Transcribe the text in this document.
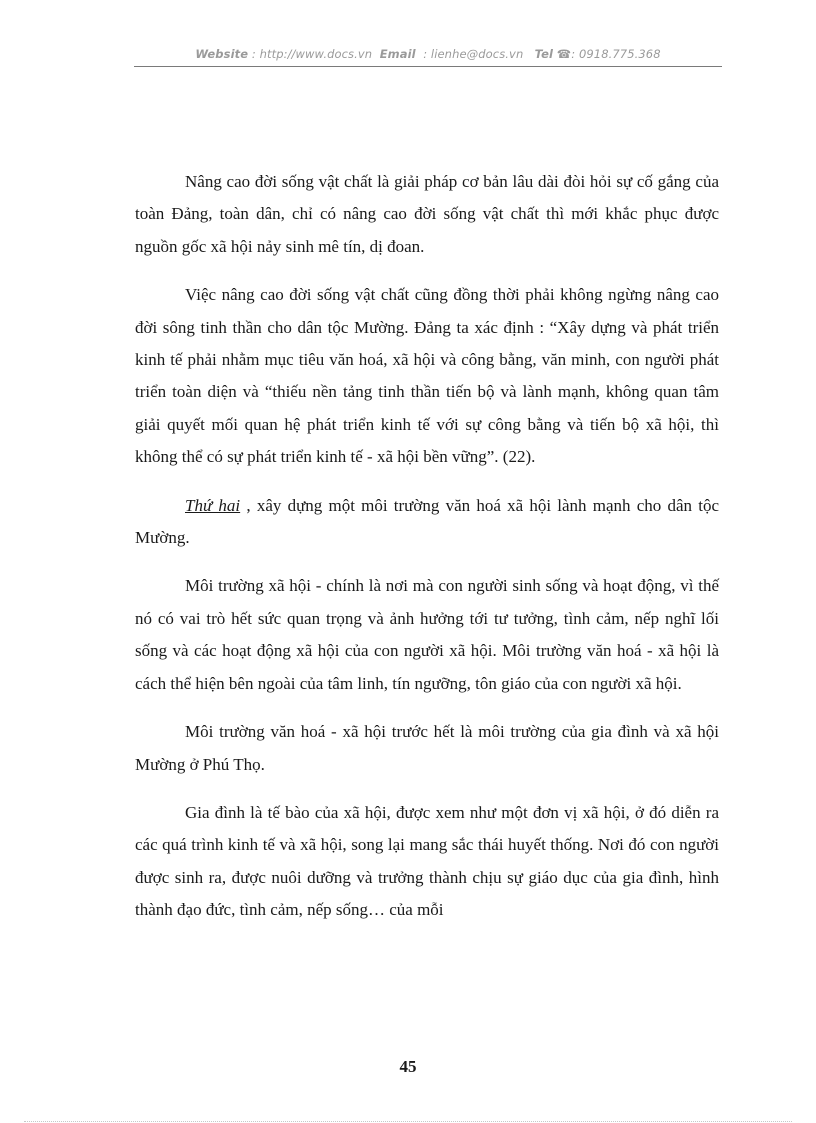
Website : http://www.docs.vn Email : lienhe@docs.vn Tel ☎: 0918.775.368

Nâng cao đời sống vật chất là giải pháp cơ bản lâu dài đòi hỏi sự cố gắng của toàn Đảng, toàn dân, chỉ có nâng cao đời sống vật chất thì mới khắc phục được nguồn gốc xã hội nảy sinh mê tín, dị đoan.

Việc nâng cao đời sống vật chất cũng đồng thời phải không ngừng nâng cao đời sông tinh thần cho dân tộc Mường. Đảng ta xác định : “Xây dựng và phát triển kinh tế phải nhằm mục tiêu văn hoá, xã hội và công bằng, văn minh, con người phát triển toàn diện và “thiếu nền tảng tinh thần tiến bộ và lành mạnh, không quan tâm giải quyết mối quan hệ phát triển kinh tế với sự công bằng và tiến bộ xã hội, thì không thể có sự phát triển kinh tế - xã hội bền vững”. (22).

Thứ hai , xây dựng một môi trường văn hoá xã hội lành mạnh cho dân tộc Mường.

Môi trường xã hội - chính là nơi mà con người sinh sống và hoạt động, vì thế nó có vai trò hết sức quan trọng và ảnh hưởng tới tư tưởng, tình cảm, nếp nghĩ lối sống và các hoạt động xã hội của con người xã hội. Môi trường văn hoá - xã hội là cách thể hiện bên ngoài của tâm linh, tín ngưỡng, tôn giáo của con người xã hội.

Môi trường văn hoá - xã hội trước hết là môi trường của gia đình và xã hội Mường ở Phú Thọ.

Gia đình là tế bào của xã hội, được xem như một đơn vị xã hội, ở đó diễn ra các quá trình kinh tế và xã hội, song lại mang sắc thái huyết thống. Nơi đó con người được sinh ra, được nuôi dưỡng và trưởng thành chịu sự giáo dục của gia đình, hình thành đạo đức, tình cảm, nếp sống… của mỗi

45
